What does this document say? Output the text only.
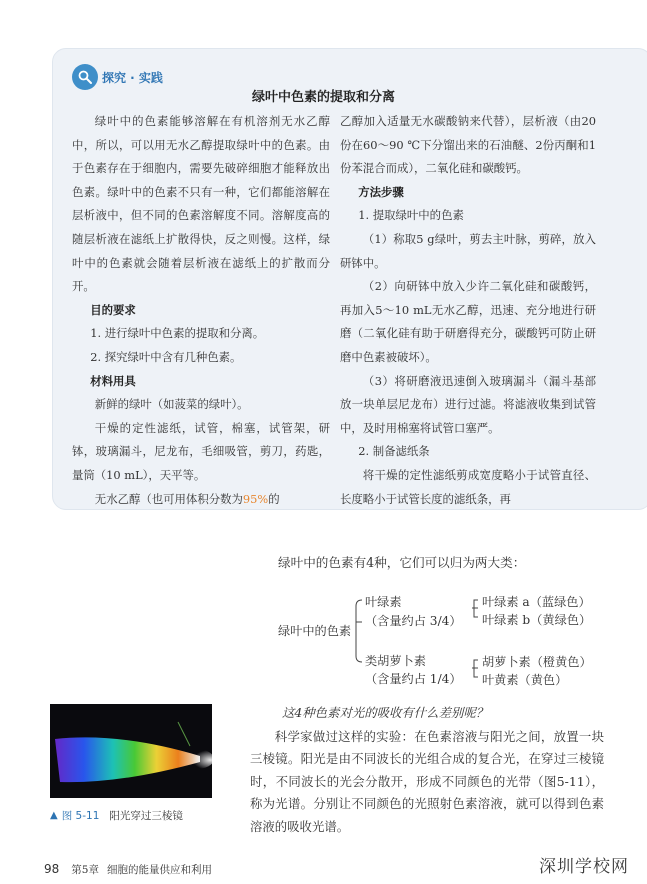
探究 · 实践
绿叶中色素的提取和分离

绿叶中的色素能够溶解在有机溶剂无水乙醇中，所以，可以用无水乙醇提取绿叶中的色素。由于色素存在于细胞内，需要先破碎细胞才能释放出色素。绿叶中的色素不只有一种，它们都能溶解在层析液中，但不同的色素溶解度不同。溶解度高的随层析液在滤纸上扩散得快，反之则慢。这样，绿叶中的色素就会随着层析液在滤纸上的扩散而分开。

目的要求

1. 进行绿叶中色素的提取和分离。

2. 探究绿叶中含有几种色素。

材料用具

新鲜的绿叶（如菠菜的绿叶）。

干燥的定性滤纸，试管，棉塞，试管架，研钵，玻璃漏斗，尼龙布，毛细吸管，剪刀，药匙，量筒（10 mL），天平等。

无水乙醇（也可用体积分数为95%的

乙醇加入适量无水碳酸钠来代替），层析液（由20份在60～90 ℃下分馏出来的石油醚、2份丙酮和1份苯混合而成），二氧化硅和碳酸钙。

方法步骤

1. 提取绿叶中的色素

（1）称取5 g绿叶，剪去主叶脉，剪碎，放入研钵中。

（2）向研钵中放入少许二氧化硅和碳酸钙，再加入5～10 mL无水乙醇，迅速、充分地进行研磨（二氧化硅有助于研磨得充分，碳酸钙可防止研磨中色素被破坏）。

（3）将研磨液迅速倒入玻璃漏斗（漏斗基部放一块单层尼龙布）进行过滤。将滤液收集到试管中，及时用棉塞将试管口塞严。

2. 制备滤纸条

将干燥的定性滤纸剪成宽度略小于试管直径、长度略小于试管长度的滤纸条，再

绿叶中的色素有4种，它们可以归为两大类：
绿叶中的色素
叶绿素
（含量约占 3/4）
叶绿素 a（蓝绿色）
叶绿素 b（黄绿色）
类胡萝卜素
（含量约占 1/4）
胡萝卜素（橙黄色）
叶黄素（黄色）
▲ 图 5-11 阳光穿过三棱镜
这4种色素对光的吸收有什么差别呢？

科学家做过这样的实验：在色素溶液与阳光之间，放置一块三棱镜。阳光是由不同波长的光组合成的复合光，在穿过三棱镜时，不同波长的光会分散开，形成不同颜色的光带（图5-11），称为光谱。分别让不同颜色的光照射色素溶液，就可以得到色素溶液的吸收光谱。

98 第5章 细胞的能量供应和利用	深圳学校网
